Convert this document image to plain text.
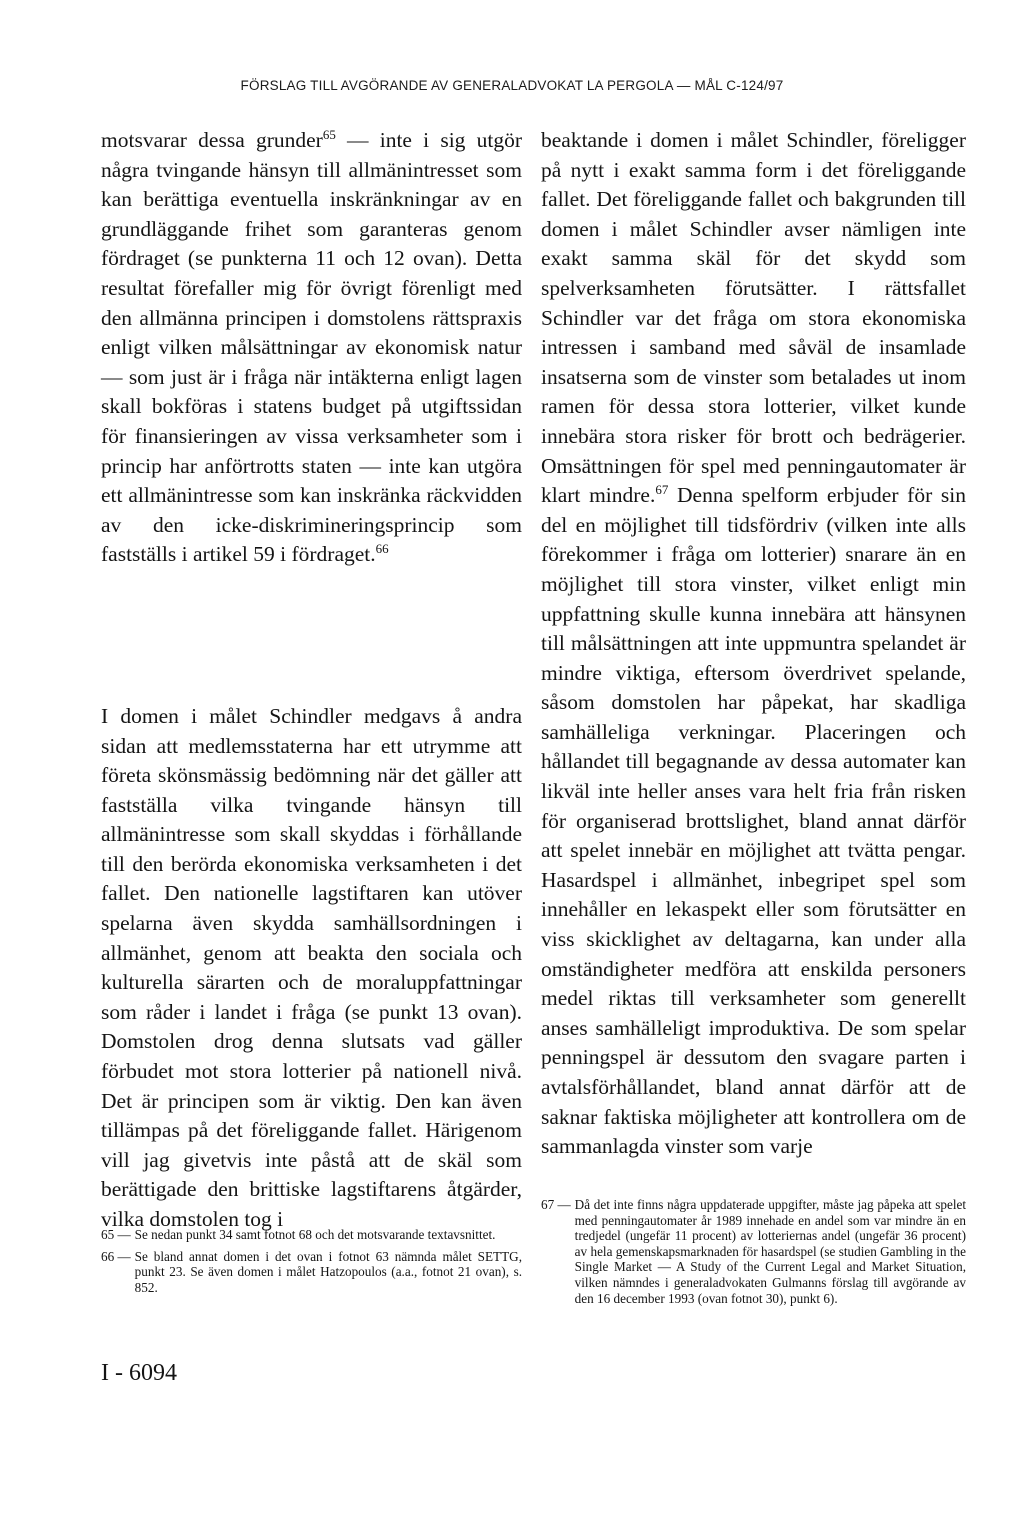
FÖRSLAG TILL AVGÖRANDE AV GENERALADVOKAT LA PERGOLA — MÅL C-124/97

motsvarar dessa grunder$^{65}$ — inte i sig utgör några tvingande hänsyn till allmänintresset som kan berättiga eventuella inskränkningar av en grundläggande frihet som garanteras genom fördraget (se punkterna 11 och 12 ovan). Detta resultat förefaller mig för övrigt förenligt med den allmänna principen i domstolens rättspraxis enligt vilken målsättningar av ekonomisk natur — som just är i fråga när intäkterna enligt lagen skall bokföras i statens budget på utgiftssidan för finansieringen av vissa verksamheter som i princip har anförtrotts staten — inte kan utgöra ett allmänintresse som kan inskränka räckvidden av den icke-diskrimineringsprincip som fastställs i artikel 59 i fördraget.$^{66}$

I domen i målet Schindler medgavs å andra sidan att medlemsstaterna har ett utrymme att företa skönsmässig bedömning när det gäller att fastställa vilka tvingande hänsyn till allmänintresse som skall skyddas i förhållande till den berörda ekonomiska verksamheten i det fallet. Den nationelle lagstiftaren kan utöver spelarna även skydda samhällsordningen i allmänhet, genom att beakta den sociala och kulturella särarten och de moraluppfattningar som råder i landet i fråga (se punkt 13 ovan). Domstolen drog denna slutsats vad gäller förbudet mot stora lotterier på nationell nivå. Det är principen som är viktig. Den kan även tillämpas på det föreliggande fallet. Härigenom vill jag givetvis inte påstå att de skäl som berättigade den brittiske lagstiftarens åtgärder, vilka domstolen tog i

beaktande i domen i målet Schindler, föreligger på nytt i exakt samma form i det föreliggande fallet. Det föreliggande fallet och bakgrunden till domen i målet Schindler avser nämligen inte exakt samma skäl för det skydd som spelverksamheten förutsätter. I rättsfallet Schindler var det fråga om stora ekonomiska intressen i samband med såväl de insamlade insatserna som de vinster som betalades ut inom ramen för dessa stora lotterier, vilket kunde innebära stora risker för brott och bedrägerier. Omsättningen för spel med penningautomater är klart mindre.$^{67}$ Denna spelform erbjuder för sin del en möjlighet till tidsfördriv (vilken inte alls förekommer i fråga om lotterier) snarare än en möjlighet till stora vinster, vilket enligt min uppfattning skulle kunna innebära att hänsynen till målsättningen att inte uppmuntra spelandet är mindre viktiga, eftersom överdrivet spelande, såsom domstolen har påpekat, har skadliga samhälleliga verkningar. Placeringen och hållandet till begagnande av dessa automater kan likväl inte heller anses vara helt fria från risken för organiserad brottslighet, bland annat därför att spelet innebär en möjlighet att tvätta pengar. Hasardspel i allmänhet, inbegripet spel som innehåller en lekaspekt eller som förutsätter en viss skicklighet av deltagarna, kan under alla omständigheter medföra att enskilda personers medel riktas till verksamheter som generellt anses samhälleligt improduktiva. De som spelar penningspel är dessutom den svagare parten i avtalsförhållandet, bland annat därför att de saknar faktiska möjligheter att kontrollera om de sammanlagda vinster som varje

65 — Se nedan punkt 34 samt fotnot 68 och det motsvarande textavsnittet.
66 — Se bland annat domen i det ovan i fotnot 63 nämnda målet SETTG, punkt 23. Se även domen i målet Hatzopoulos (a.a., fotnot 21 ovan), s. 852.
67 — Då det inte finns några uppdaterade uppgifter, måste jag påpeka att spelet med penningautomater år 1989 innehade en andel som var mindre än en tredjedel (ungefär 11 procent) av lotteriernas andel (ungefär 36 procent) av hela gemenskapsmarknaden för hasardspel (se studien Gambling in the Single Market — A Study of the Current Legal and Market Situation, vilken nämndes i generaladvokaten Gulmanns förslag till avgörande av den 16 december 1993 (ovan fotnot 30), punkt 6).
I - 6094
